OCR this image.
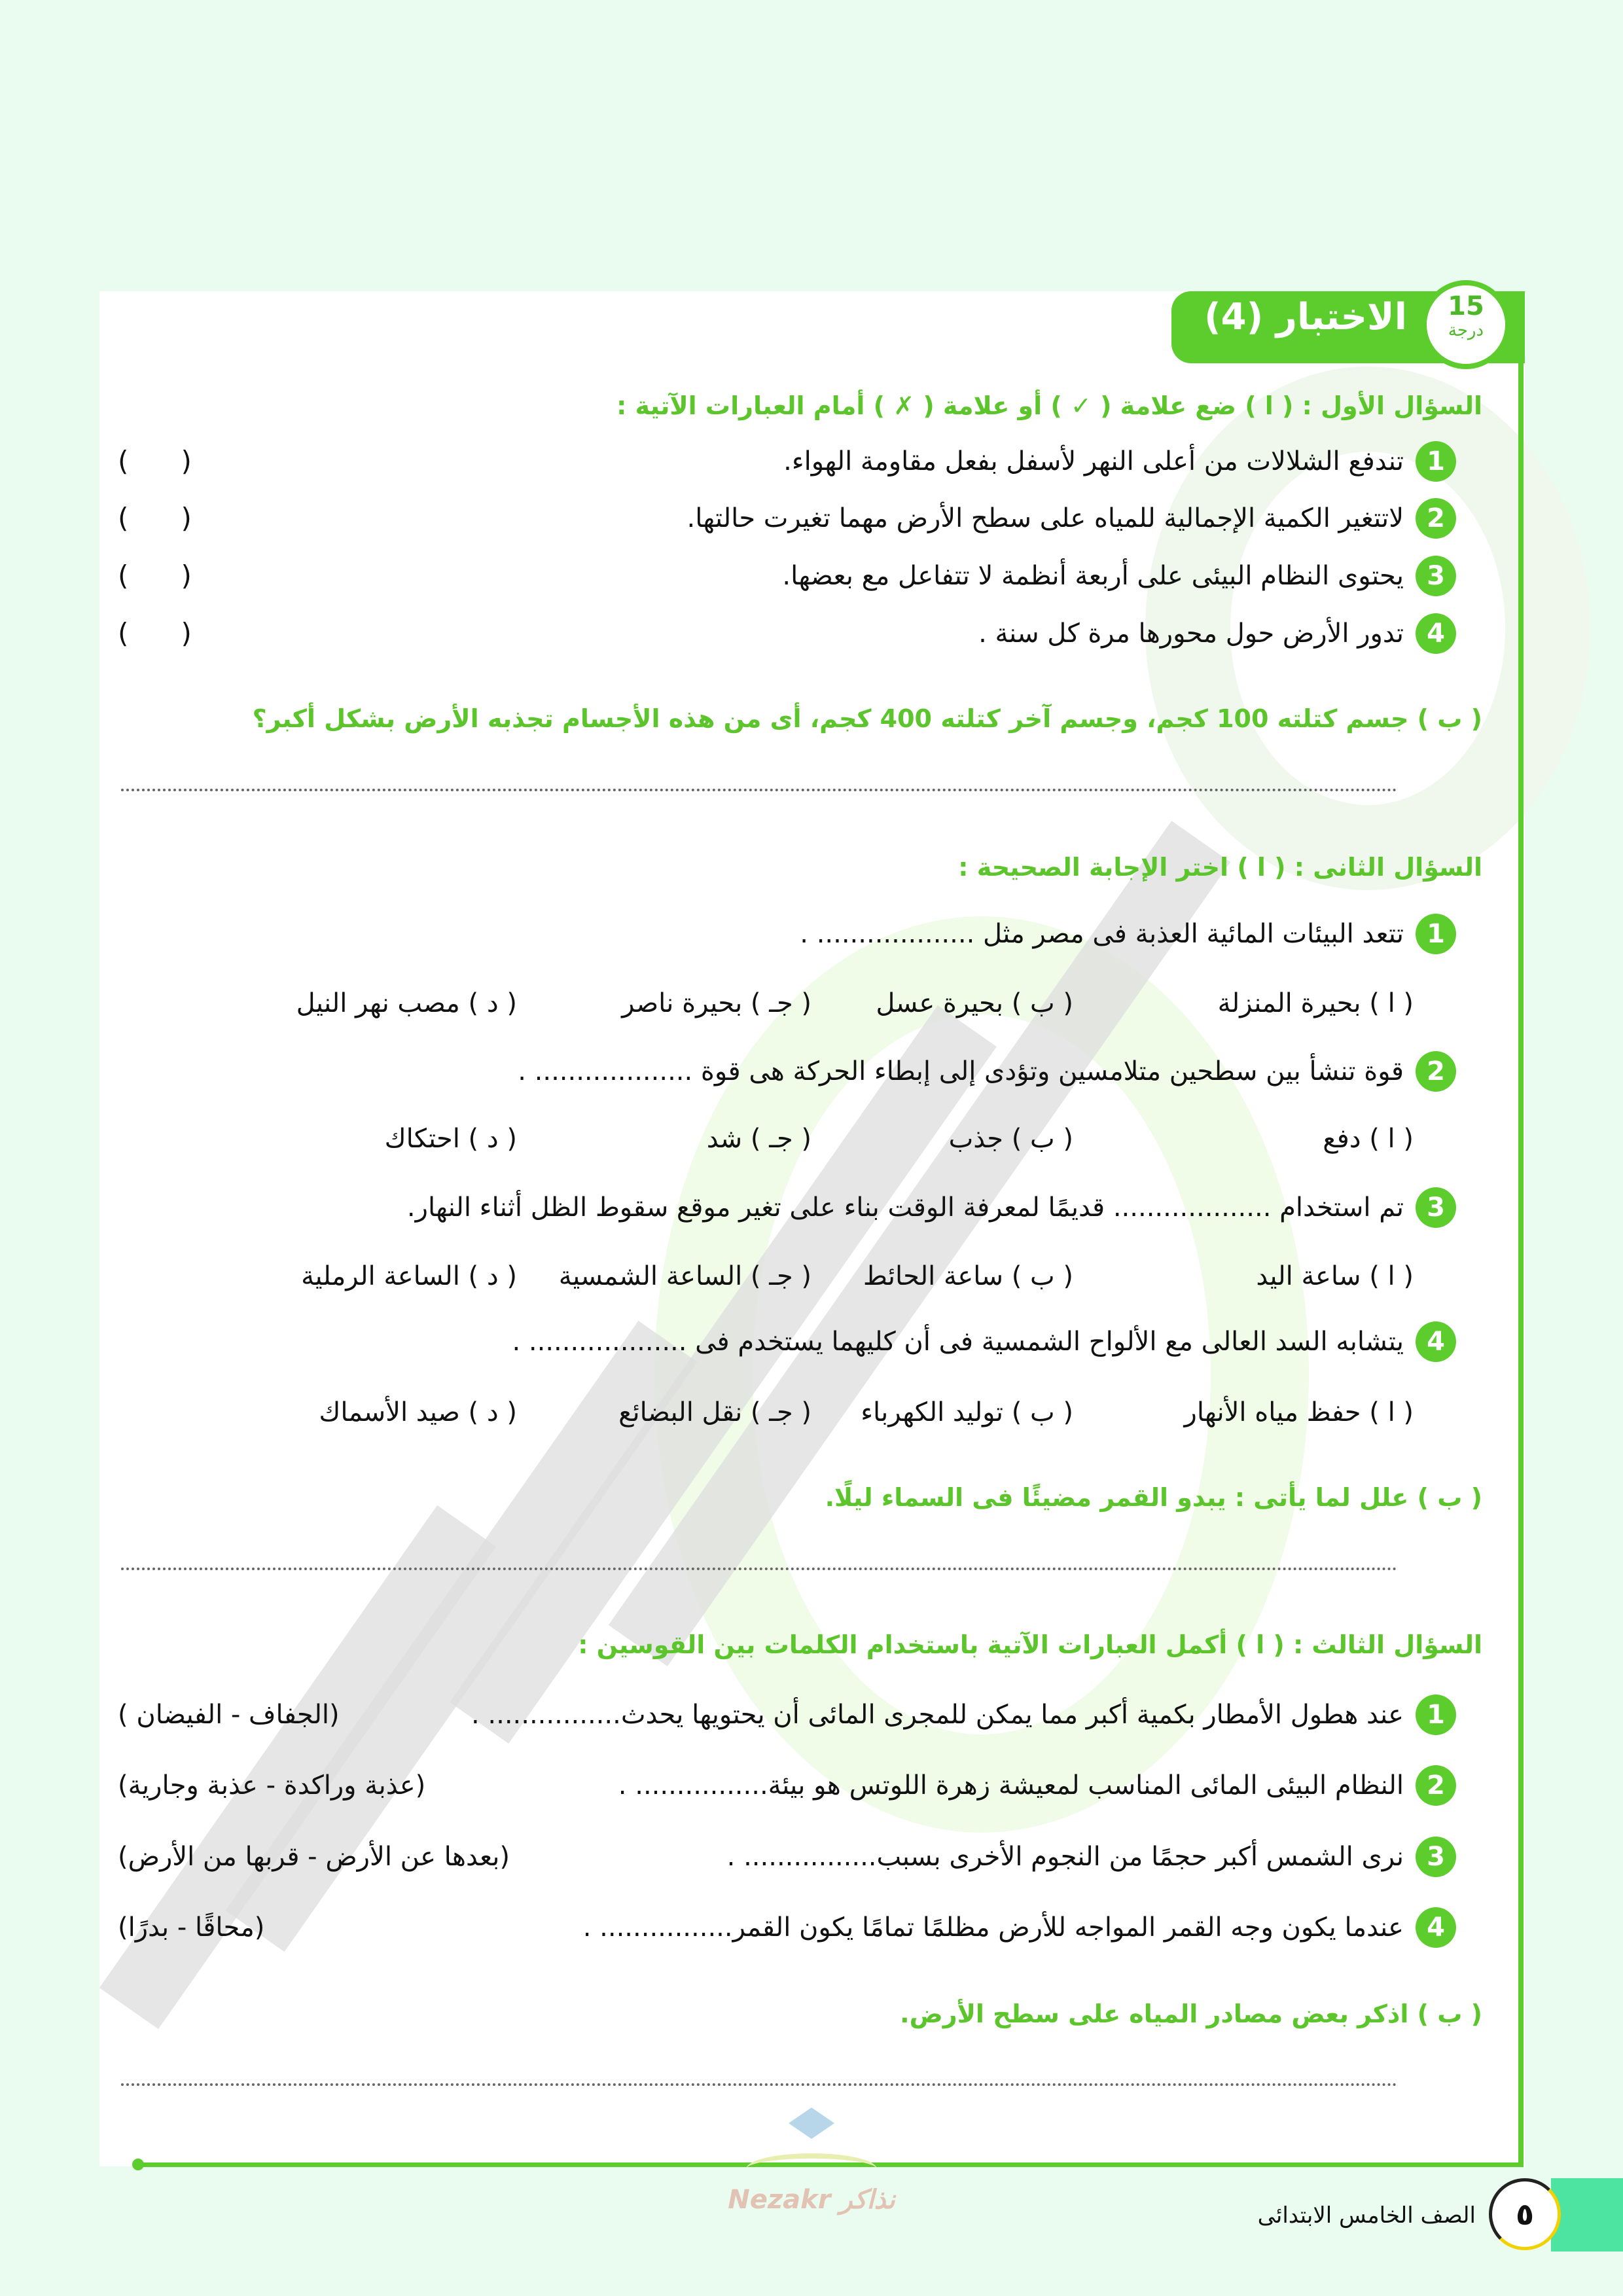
الاختبار (4)	15
درجة
السؤال الأول : ( ا ) ضع علامة ( ✓ ) أو علامة ( ✗ ) أمام العبارات الآتية :
1
تندفع الشلالات من أعلى النهر لأسفل بفعل مقاومة الهواء.
(      )
2
لاتتغير الكمية الإجمالية للمياه على سطح الأرض مهما تغيرت حالتها.
(      )
3
يحتوى النظام البيئى على أربعة أنظمة لا تتفاعل مع بعضها.
(      )
4
تدور الأرض حول محورها مرة كل سنة .
(      )
( ب ) جسم كتلته 100 كجم، وجسم آخر كتلته 400 كجم، أى من هذه الأجسام تجذبه الأرض بشكل أكبر؟
السؤال الثانى : ( ا ) اختر الإجابة الصحيحة :
1
تتعد البيئات المائية العذبة فى مصر مثل ................... .
( ا ) بحيرة المنزلة
( ب ) بحيرة عسل
( جـ ) بحيرة ناصر
( د ) مصب نهر النيل
2
قوة تنشأ بين سطحين متلامسين وتؤدى إلى إبطاء الحركة هى قوة ................... .
( ا ) دفع
( ب ) جذب
( جـ ) شد
( د ) احتكاك
3
تم استخدام ................... قديمًا لمعرفة الوقت بناء على تغير موقع سقوط الظل أثناء النهار.
( ا ) ساعة اليد
( ب ) ساعة الحائط
( جـ ) الساعة الشمسية
( د ) الساعة الرملية
4
يتشابه السد العالى مع الألواح الشمسية فى أن كليهما يستخدم فى ................... .
( ا ) حفظ مياه الأنهار
( ب ) توليد الكهرباء
( جـ ) نقل البضائع
( د ) صيد الأسماك
( ب ) علل لما يأتى : يبدو القمر مضيئًا فى السماء ليلًا.
السؤال الثالث : ( ا ) أكمل العبارات الآتية باستخدام الكلمات بين القوسين :
1
عند هطول الأمطار بكمية أكبر مما يمكن للمجرى المائى أن يحتويها يحدث................ .
(الجفاف - الفيضان )
2
النظام البيئى المائى المناسب لمعيشة زهرة اللوتس هو بيئة................ .
(عذبة وراكدة - عذبة وجارية)
3
نرى الشمس أكبر حجمًا من النجوم الأخرى بسبب................ .
(بعدها عن الأرض - قربها من الأرض)
4
عندما يكون وجه القمر المواجه للأرض مظلمًا تمامًا يكون القمر................ .
(محاقًا - بدرًا)
( ب ) اذكر بعض مصادر المياه على سطح الأرض.
Nezakr نذاكر
الصف الخامس الابتدائى	٥
